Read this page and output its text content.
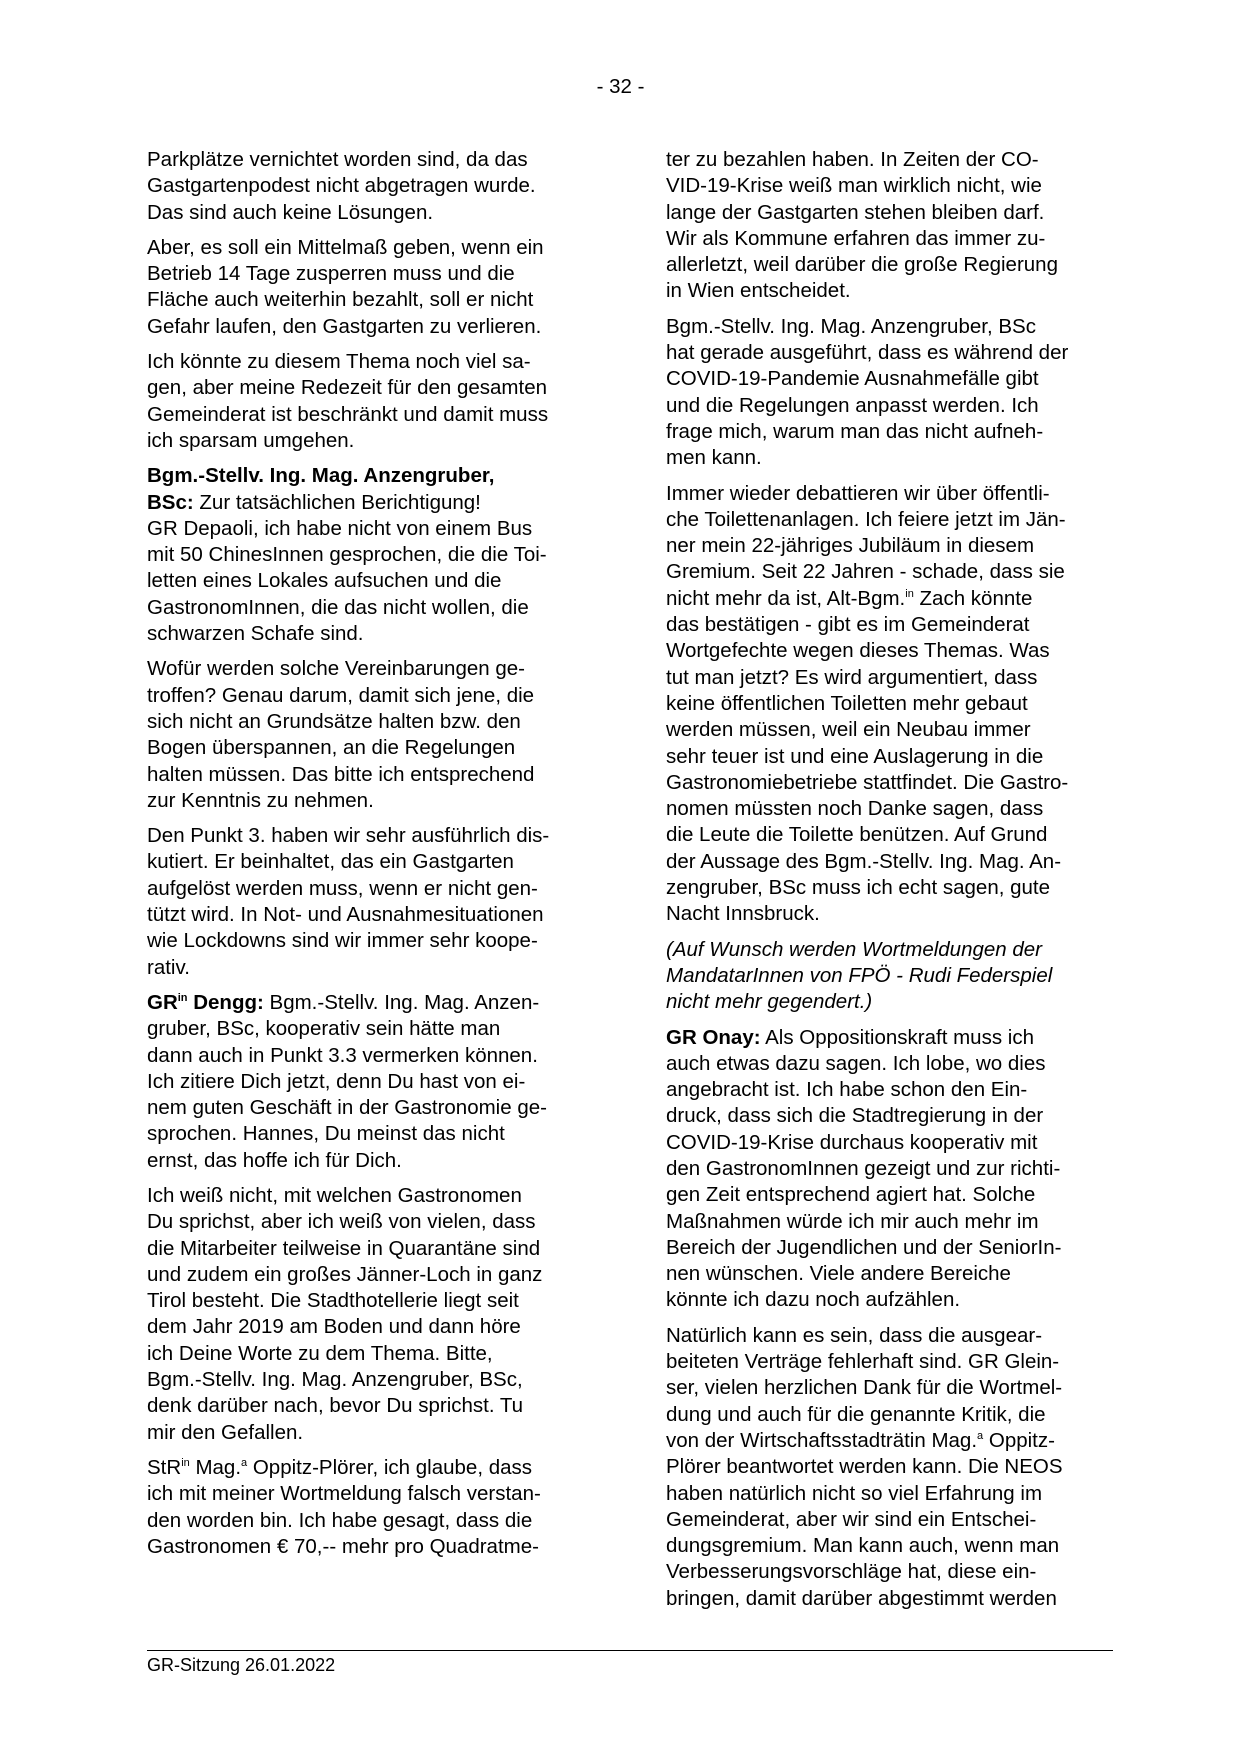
- 32 -
Parkplätze vernichtet worden sind, da das
Gastgartenpodest nicht abgetragen wurde.
Das sind auch keine Lösungen.
Aber, es soll ein Mittelmaß geben, wenn ein
Betrieb 14 Tage zusperren muss und die
Fläche auch weiterhin bezahlt, soll er nicht
Gefahr laufen, den Gastgarten zu verlieren.
Ich könnte zu diesem Thema noch viel sa-
gen, aber meine Redezeit für den gesamten
Gemeinderat ist beschränkt und damit muss
ich sparsam umgehen.
Bgm.-Stellv. Ing. Mag. Anzengruber,
BSc: Zur tatsächlichen Berichtigung!
GR Depaoli, ich habe nicht von einem Bus
mit 50 ChinesInnen gesprochen, die die Toi-
letten eines Lokales aufsuchen und die
GastronomInnen, die das nicht wollen, die
schwarzen Schafe sind.
Wofür werden solche Vereinbarungen ge-
troffen? Genau darum, damit sich jene, die
sich nicht an Grundsätze halten bzw. den
Bogen überspannen, an die Regelungen
halten müssen. Das bitte ich entsprechend
zur Kenntnis zu nehmen.
Den Punkt 3. haben wir sehr ausführlich dis-
kutiert. Er beinhaltet, das ein Gastgarten
aufgelöst werden muss, wenn er nicht gen-
tützt wird. In Not- und Ausnahmesituationen
wie Lockdowns sind wir immer sehr koope-
rativ.
$GR^{in}$ Dengg: Bgm.-Stellv. Ing. Mag. Anzen-
gruber, BSc, kooperativ sein hätte man
dann auch in Punkt 3.3 vermerken können.
Ich zitiere Dich jetzt, denn Du hast von ei-
nem guten Geschäft in der Gastronomie ge-
sprochen. Hannes, Du meinst das nicht
ernst, das hoffe ich für Dich.
Ich weiß nicht, mit welchen Gastronomen
Du sprichst, aber ich weiß von vielen, dass
die Mitarbeiter teilweise in Quarantäne sind
und zudem ein großes Jänner-Loch in ganz
Tirol besteht. Die Stadthotellerie liegt seit
dem Jahr 2019 am Boden und dann höre
ich Deine Worte zu dem Thema. Bitte,
Bgm.-Stellv. Ing. Mag. Anzengruber, BSc,
denk darüber nach, bevor Du sprichst. Tu
mir den Gefallen.
StR$^{in}$ Mag.$^a$ Oppitz-Plörer, ich glaube, dass
ich mit meiner Wortmeldung falsch verstan-
den worden bin. Ich habe gesagt, dass die
Gastronomen € 70,-- mehr pro Quadratme-
ter zu bezahlen haben. In Zeiten der CO-
VID-19-Krise weiß man wirklich nicht, wie
lange der Gastgarten stehen bleiben darf.
Wir als Kommune erfahren das immer zu-
allerletzt, weil darüber die große Regierung
in Wien entscheidet.
Bgm.-Stellv. Ing. Mag. Anzengruber, BSc
hat gerade ausgeführt, dass es während der
COVID-19-Pandemie Ausnahmefälle gibt
und die Regelungen anpasst werden. Ich
frage mich, warum man das nicht aufneh-
men kann.
Immer wieder debattieren wir über öffentli-
che Toilettenanlagen. Ich feiere jetzt im Jän-
ner mein 22-jähriges Jubiläum in diesem
Gremium. Seit 22 Jahren - schade, dass sie
nicht mehr da ist, Alt-Bgm.$^{in}$ Zach könnte
das bestätigen - gibt es im Gemeinderat
Wortgefechte wegen dieses Themas. Was
tut man jetzt? Es wird argumentiert, dass
keine öffentlichen Toiletten mehr gebaut
werden müssen, weil ein Neubau immer
sehr teuer ist und eine Auslagerung in die
Gastronomiebetriebe stattfindet. Die Gastro-
nomen müssten noch Danke sagen, dass
die Leute die Toilette benützen. Auf Grund
der Aussage des Bgm.-Stellv. Ing. Mag. An-
zengruber, BSc muss ich echt sagen, gute
Nacht Innsbruck.
(Auf Wunsch werden Wortmeldungen der
MandatarInnen von FPÖ - Rudi Federspiel
nicht mehr gegendert.)
GR Onay: Als Oppositionskraft muss ich
auch etwas dazu sagen. Ich lobe, wo dies
angebracht ist. Ich habe schon den Ein-
druck, dass sich die Stadtregierung in der
COVID-19-Krise durchaus kooperativ mit
den GastronomInnen gezeigt und zur richti-
gen Zeit entsprechend agiert hat. Solche
Maßnahmen würde ich mir auch mehr im
Bereich der Jugendlichen und der SeniorIn-
nen wünschen. Viele andere Bereiche
könnte ich dazu noch aufzählen.
Natürlich kann es sein, dass die ausgear-
beiteten Verträge fehlerhaft sind. GR Glein-
ser, vielen herzlichen Dank für die Wortmel-
dung und auch für die genannte Kritik, die
von der Wirtschaftsstadträtin Mag.$^a$ Oppitz-
Plörer beantwortet werden kann. Die NEOS
haben natürlich nicht so viel Erfahrung im
Gemeinderat, aber wir sind ein Entschei-
dungsgremium. Man kann auch, wenn man
Verbesserungsvorschläge hat, diese ein-
bringen, damit darüber abgestimmt werden
GR-Sitzung 26.01.2022
